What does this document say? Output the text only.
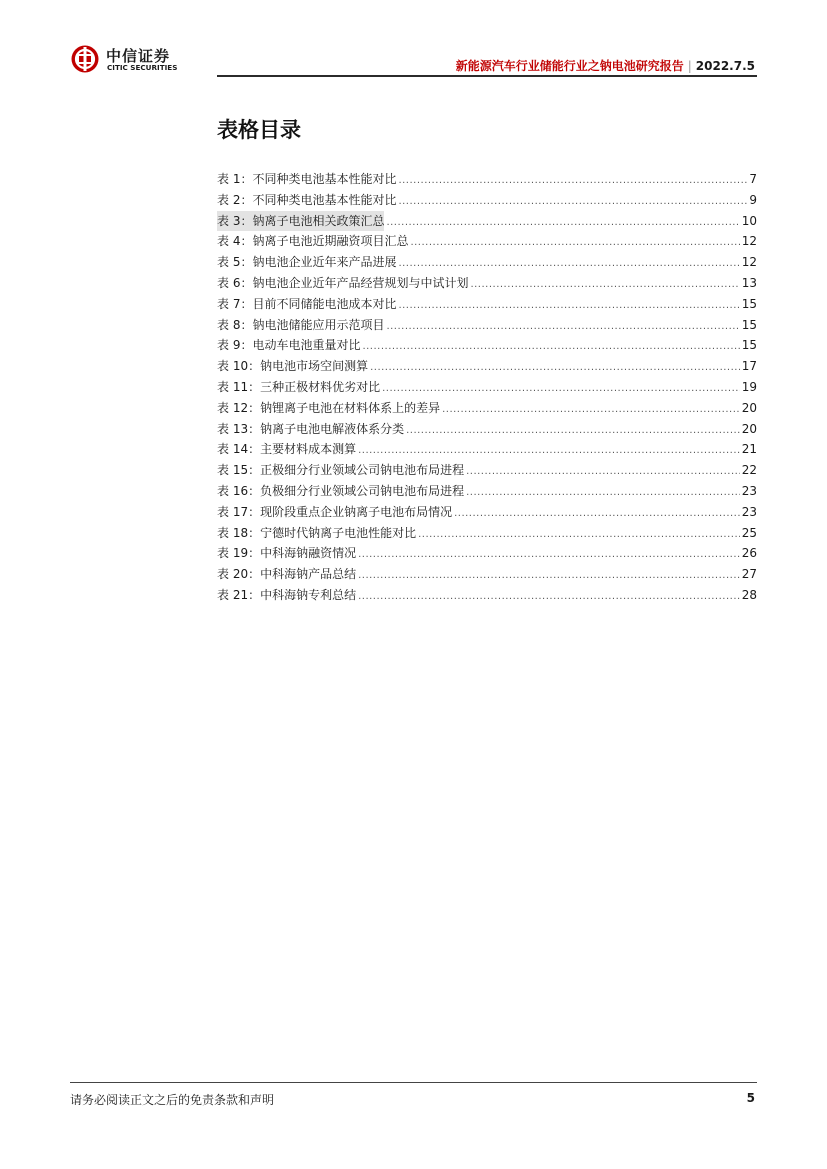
中信证券
CITIC SECURITIES	新能源汽车行业储能行业之钠电池研究报告 | 2022.7.5
表格目录
表 1：不同种类电池基本性能对比 .....	7
表 2：不同种类电池基本性能对比 .....	9
表 3：钠离子电池相关政策汇总 .....	10
表 4：钠离子电池近期融资项目汇总 .....	12
表 5：钠电池企业近年来产品进展 .....	12
表 6：钠电池企业近年产品经营规划与中试计划 .....	13
表 7：目前不同储能电池成本对比 .....	15
表 8：钠电池储能应用示范项目 .....	15
表 9：电动车电池重量对比 .....	15
表 10：钠电池市场空间测算 .....	17
表 11：三种正极材料优劣对比 .....	19
表 12：钠锂离子电池在材料体系上的差异 .....	20
表 13：钠离子电池电解液体系分类 .....	20
表 14：主要材料成本测算 .....	21
表 15：正极细分行业领域公司钠电池布局进程 .....	22
表 16：负极细分行业领域公司钠电池布局进程 .....	23
表 17：现阶段重点企业钠离子电池布局情况 .....	23
表 18：宁德时代钠离子电池性能对比 .....	25
表 19：中科海钠融资情况 .....	26
表 20：中科海钠产品总结 .....	27
表 21：中科海钠专利总结 .....	28
请务必阅读正文之后的免责条款和声明	5
